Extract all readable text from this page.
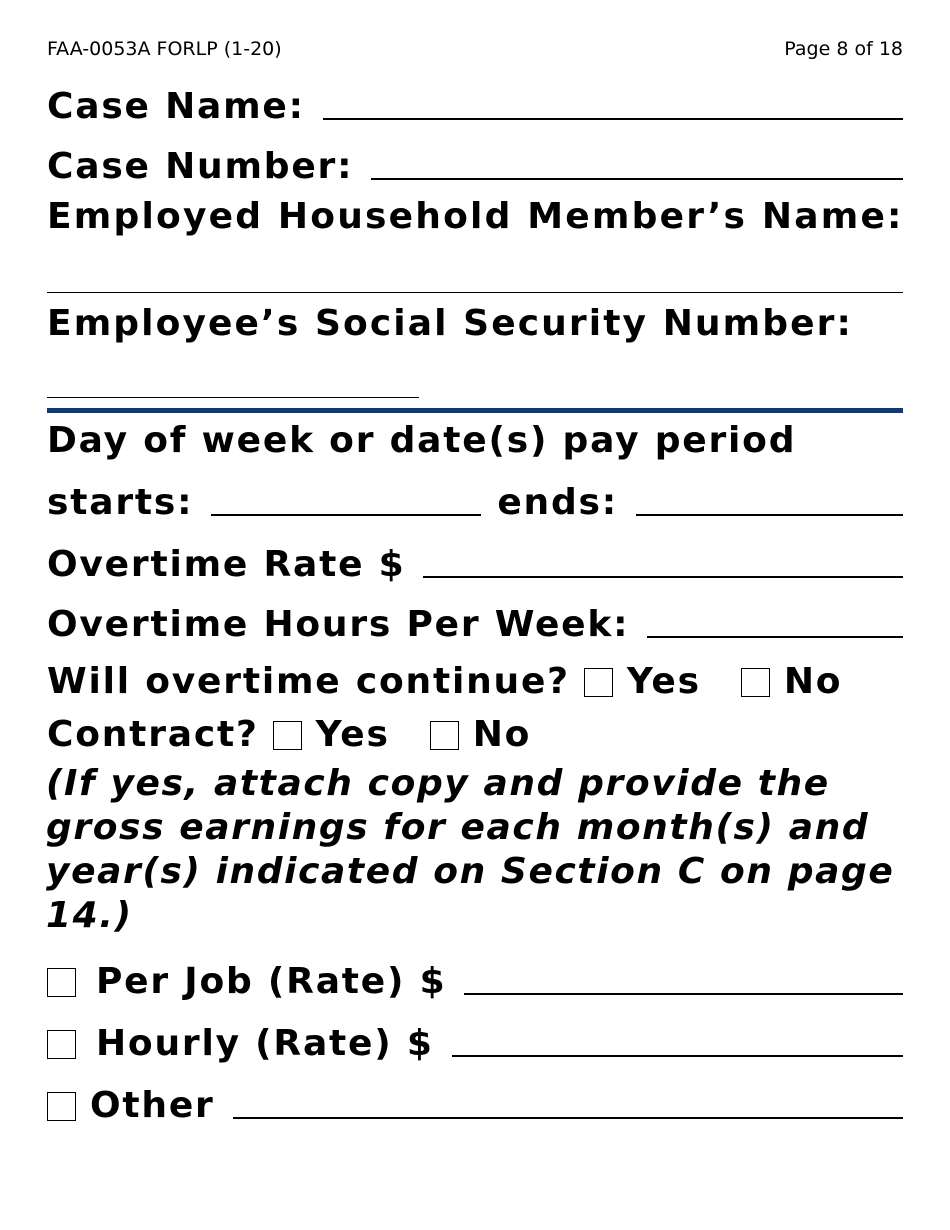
FAA-0053A FORLP (1-20)	Page 8 of 18
Case Name:
Case Number:
Employed Household Member’s Name:
Employee’s Social Security Number:
Day of week or date(s) pay period
starts:	ends:
Overtime Rate $
Overtime Hours Per Week:
Will overtime continue? Yes No
Contract? Yes No
(If yes, attach copy and provide the gross earnings for each month(s) and year(s) indicated on Section C on page 14.)
Per Job (Rate) $
Hourly (Rate) $
Other
